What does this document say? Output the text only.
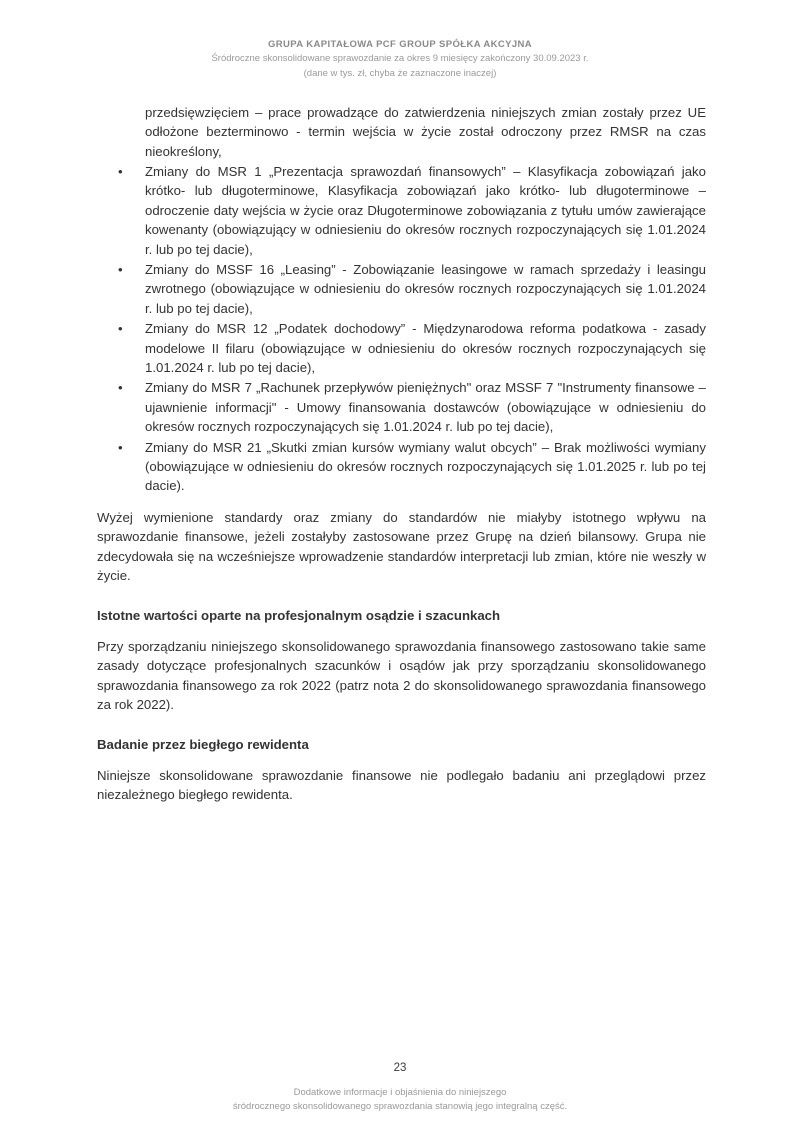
GRUPA KAPITAŁOWA PCF GROUP SPÓŁKA AKCYJNA
Śródroczne skonsolidowane sprawozdanie za okres 9 miesięcy zakończony 30.09.2023 r.
(dane w tys. zł, chyba że zaznaczone inaczej)

przedsięwzięciem – prace prowadzące do zatwierdzenia niniejszych zmian zostały przez UE odłożone bezterminowo - termin wejścia w życie został odroczony przez RMSR na czas nieokreślony,

• Zmiany do MSR 1 „Prezentacja sprawozdań finansowych” – Klasyfikacja zobowiązań jako krótko- lub długoterminowe, Klasyfikacja zobowiązań jako krótko- lub długoterminowe – odroczenie daty wejścia w życie oraz Długoterminowe zobowiązania z tytułu umów zawierające kowenanty (obowiązujący w odniesieniu do okresów rocznych rozpoczynających się 1.01.2024 r. lub po tej dacie),
• Zmiany do MSSF 16 „Leasing” - Zobowiązanie leasingowe w ramach sprzedaży i leasingu zwrotnego (obowiązujące w odniesieniu do okresów rocznych rozpoczynających się 1.01.2024 r. lub po tej dacie),
• Zmiany do MSR 12 „Podatek dochodowy” - Międzynarodowa reforma podatkowa - zasady modelowe II filaru (obowiązujące w odniesieniu do okresów rocznych rozpoczynających się 1.01.2024 r. lub po tej dacie),
• Zmiany do MSR 7 „Rachunek przepływów pieniężnych" oraz MSSF 7 "Instrumenty finansowe – ujawnienie informacji" - Umowy finansowania dostawców (obowiązujące w odniesieniu do okresów rocznych rozpoczynających się 1.01.2024 r. lub po tej dacie),
• Zmiany do MSR 21 „Skutki zmian kursów wymiany walut obcych” – Brak możliwości wymiany (obowiązujące w odniesieniu do okresów rocznych rozpoczynających się 1.01.2025 r. lub po tej dacie).

Wyżej wymienione standardy oraz zmiany do standardów nie miałyby istotnego wpływu na sprawozdanie finansowe, jeżeli zostałyby zastosowane przez Grupę na dzień bilansowy. Grupa nie zdecydowała się na wcześniejsze wprowadzenie standardów interpretacji lub zmian, które nie weszły w życie.

Istotne wartości oparte na profesjonalnym osądzie i szacunkach

Przy sporządzaniu niniejszego skonsolidowanego sprawozdania finansowego zastosowano takie same zasady dotyczące profesjonalnych szacunków i osądów jak przy sporządzaniu skonsolidowanego sprawozdania finansowego za rok 2022 (patrz nota 2 do skonsolidowanego sprawozdania finansowego za rok 2022).

Badanie przez biegłego rewidenta

Niniejsze skonsolidowane sprawozdanie finansowe nie podlegało badaniu ani przeglądowi przez niezależnego biegłego rewidenta.

23
Dodatkowe informacje i objaśnienia do niniejszego
śródrocznego skonsolidowanego sprawozdania stanowią jego integralną część.
